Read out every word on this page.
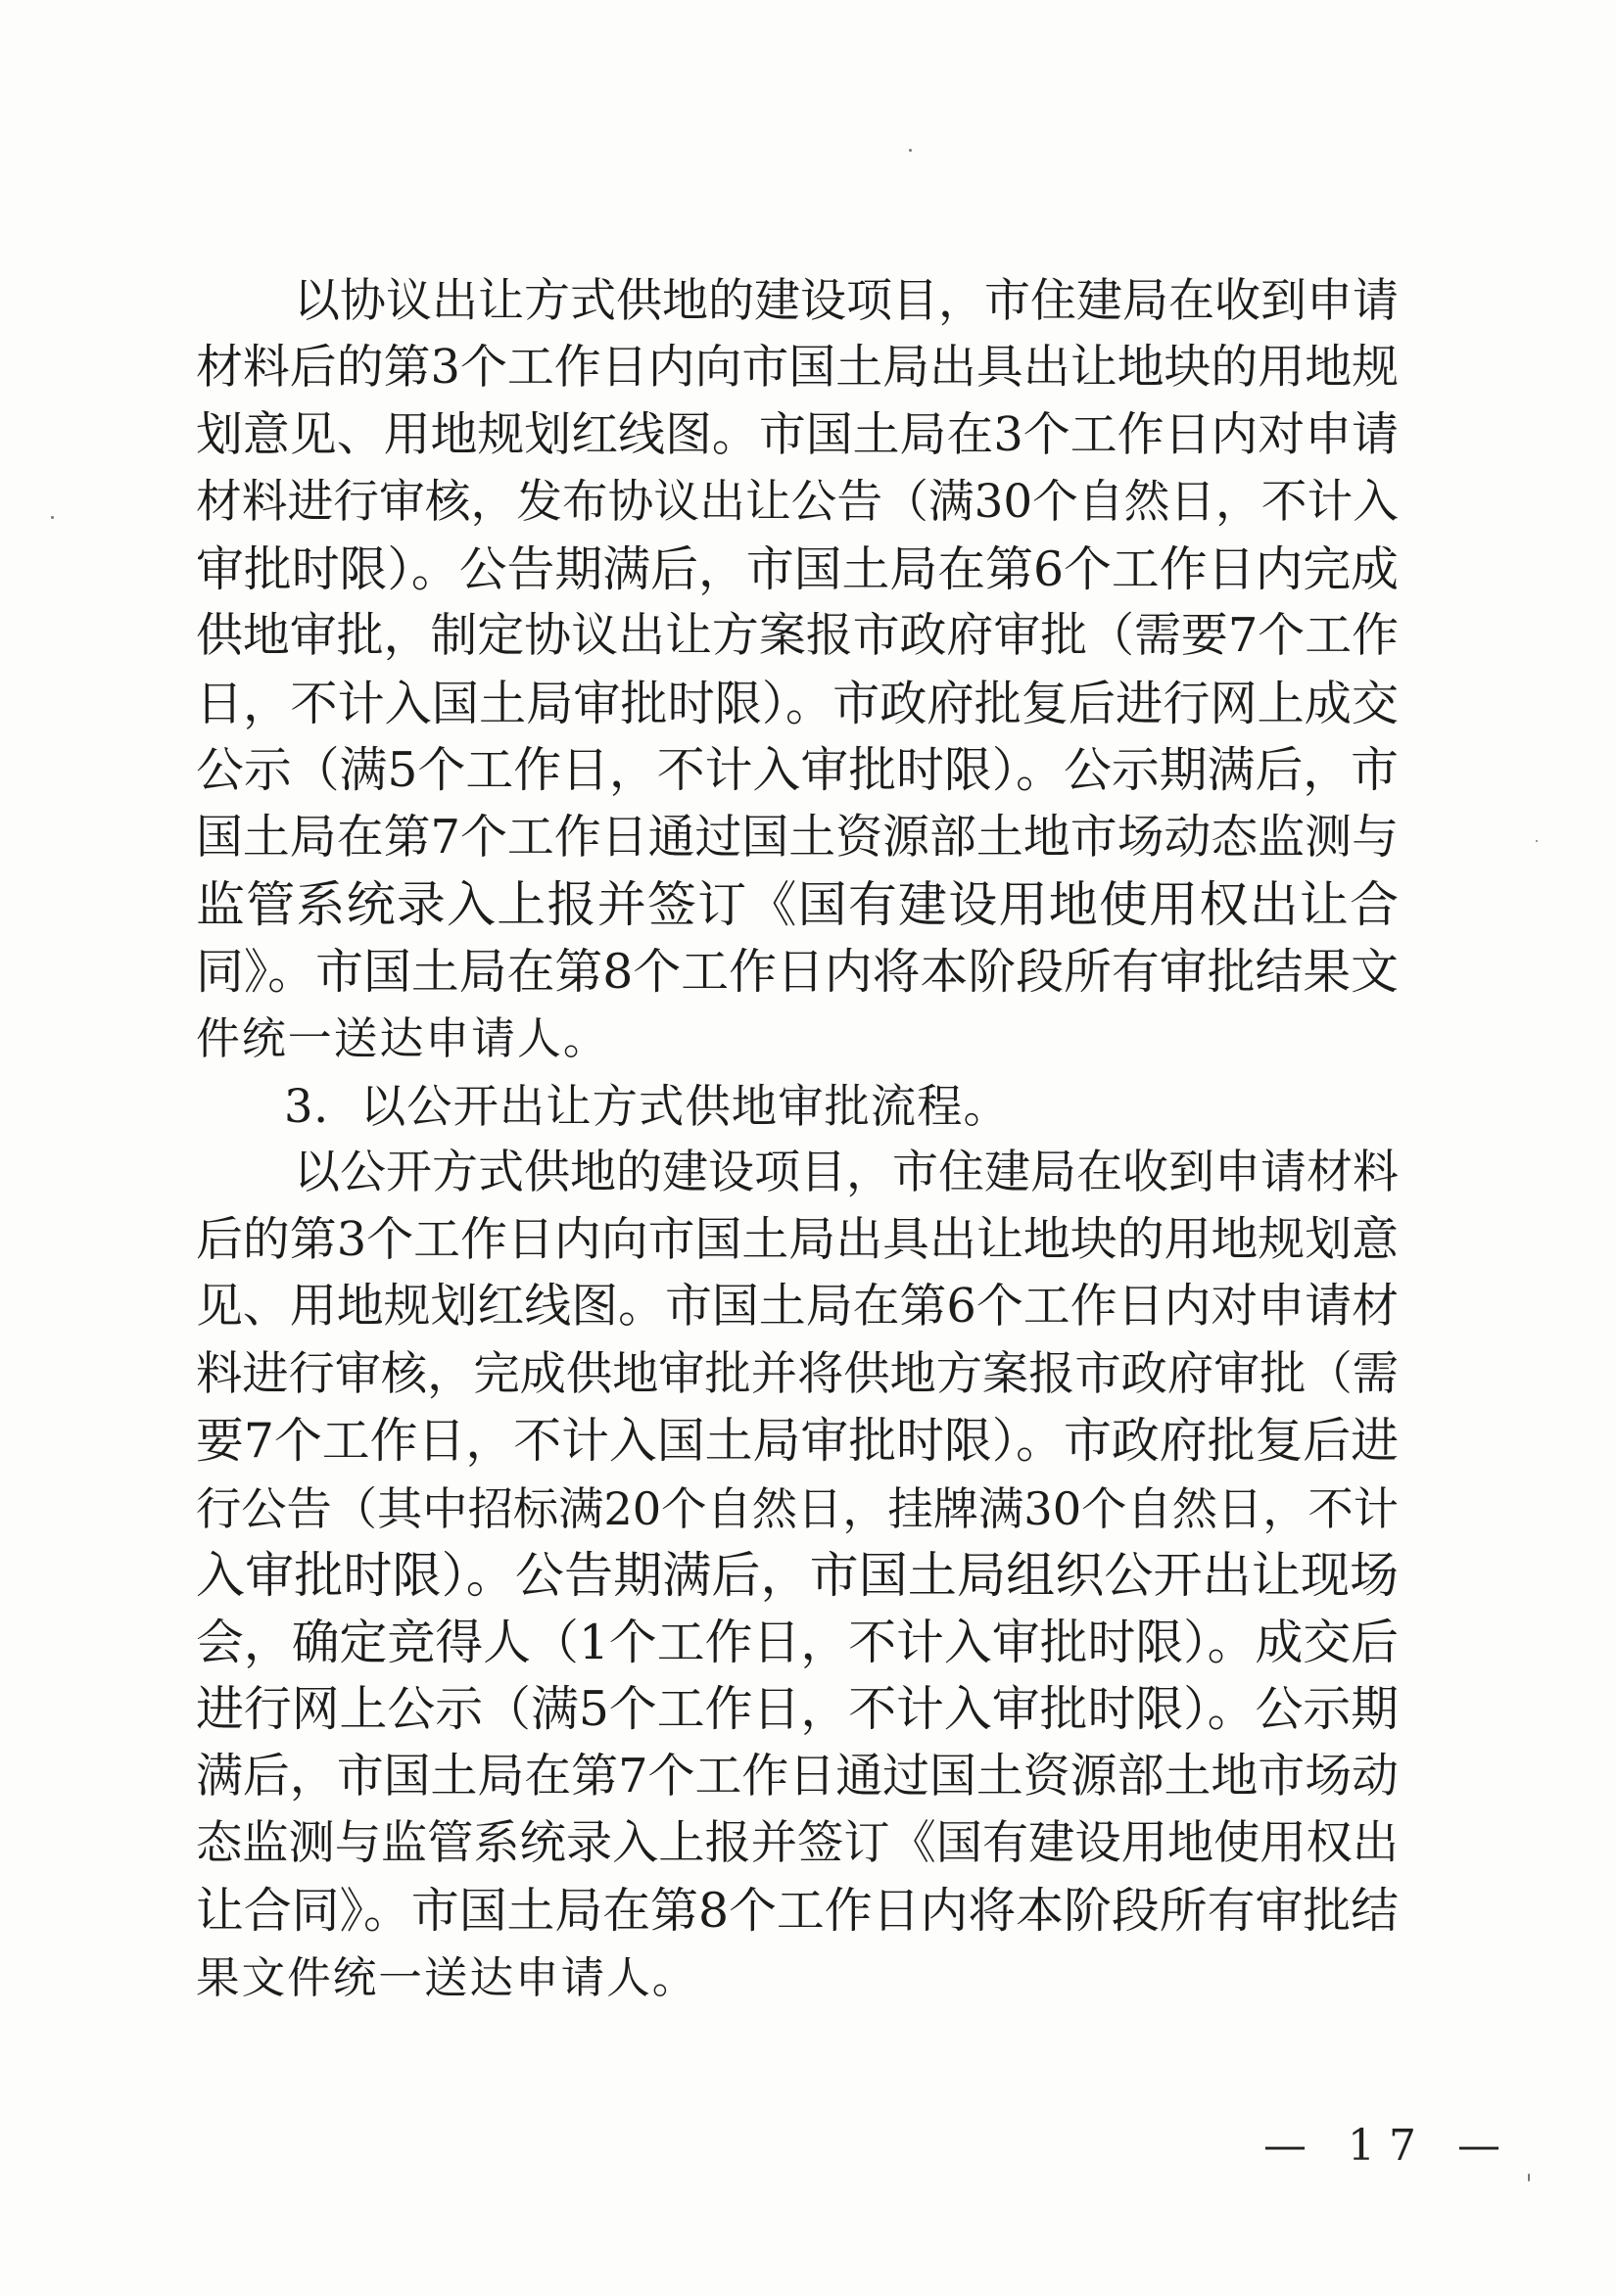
以协议出让方式供地的建设项目，市住建局在收到申请
材料后的第3个工作日内向市国土局出具出让地块的用地规
划意见、用地规划红线图。市国土局在3个工作日内对申请
材料进行审核，发布协议出让公告（满30个自然日，不计入
审批时限）。公告期满后，市国土局在第6个工作日内完成
供地审批，制定协议出让方案报市政府审批（需要7个工作
日，不计入国土局审批时限）。市政府批复后进行网上成交
公示（满5个工作日，不计入审批时限）。公示期满后，市
国土局在第7个工作日通过国土资源部土地市场动态监测与
监管系统录入上报并签订《国有建设用地使用权出让合
同》。市国土局在第8个工作日内将本阶段所有审批结果文
件统一送达申请人。
3．以公开出让方式供地审批流程。
以公开方式供地的建设项目，市住建局在收到申请材料
后的第3个工作日内向市国土局出具出让地块的用地规划意
见、用地规划红线图。市国土局在第6个工作日内对申请材
料进行审核，完成供地审批并将供地方案报市政府审批（需
要7个工作日，不计入国土局审批时限）。市政府批复后进
行公告（其中招标满20个自然日，挂牌满30个自然日，不计
入审批时限）。公告期满后，市国土局组织公开出让现场
会，确定竞得人（1个工作日，不计入审批时限）。成交后
进行网上公示（满5个工作日，不计入审批时限）。公示期
满后，市国土局在第7个工作日通过国土资源部土地市场动
态监测与监管系统录入上报并签订《国有建设用地使用权出
让合同》。市国土局在第8个工作日内将本阶段所有审批结
果文件统一送达申请人。
— 17 —
